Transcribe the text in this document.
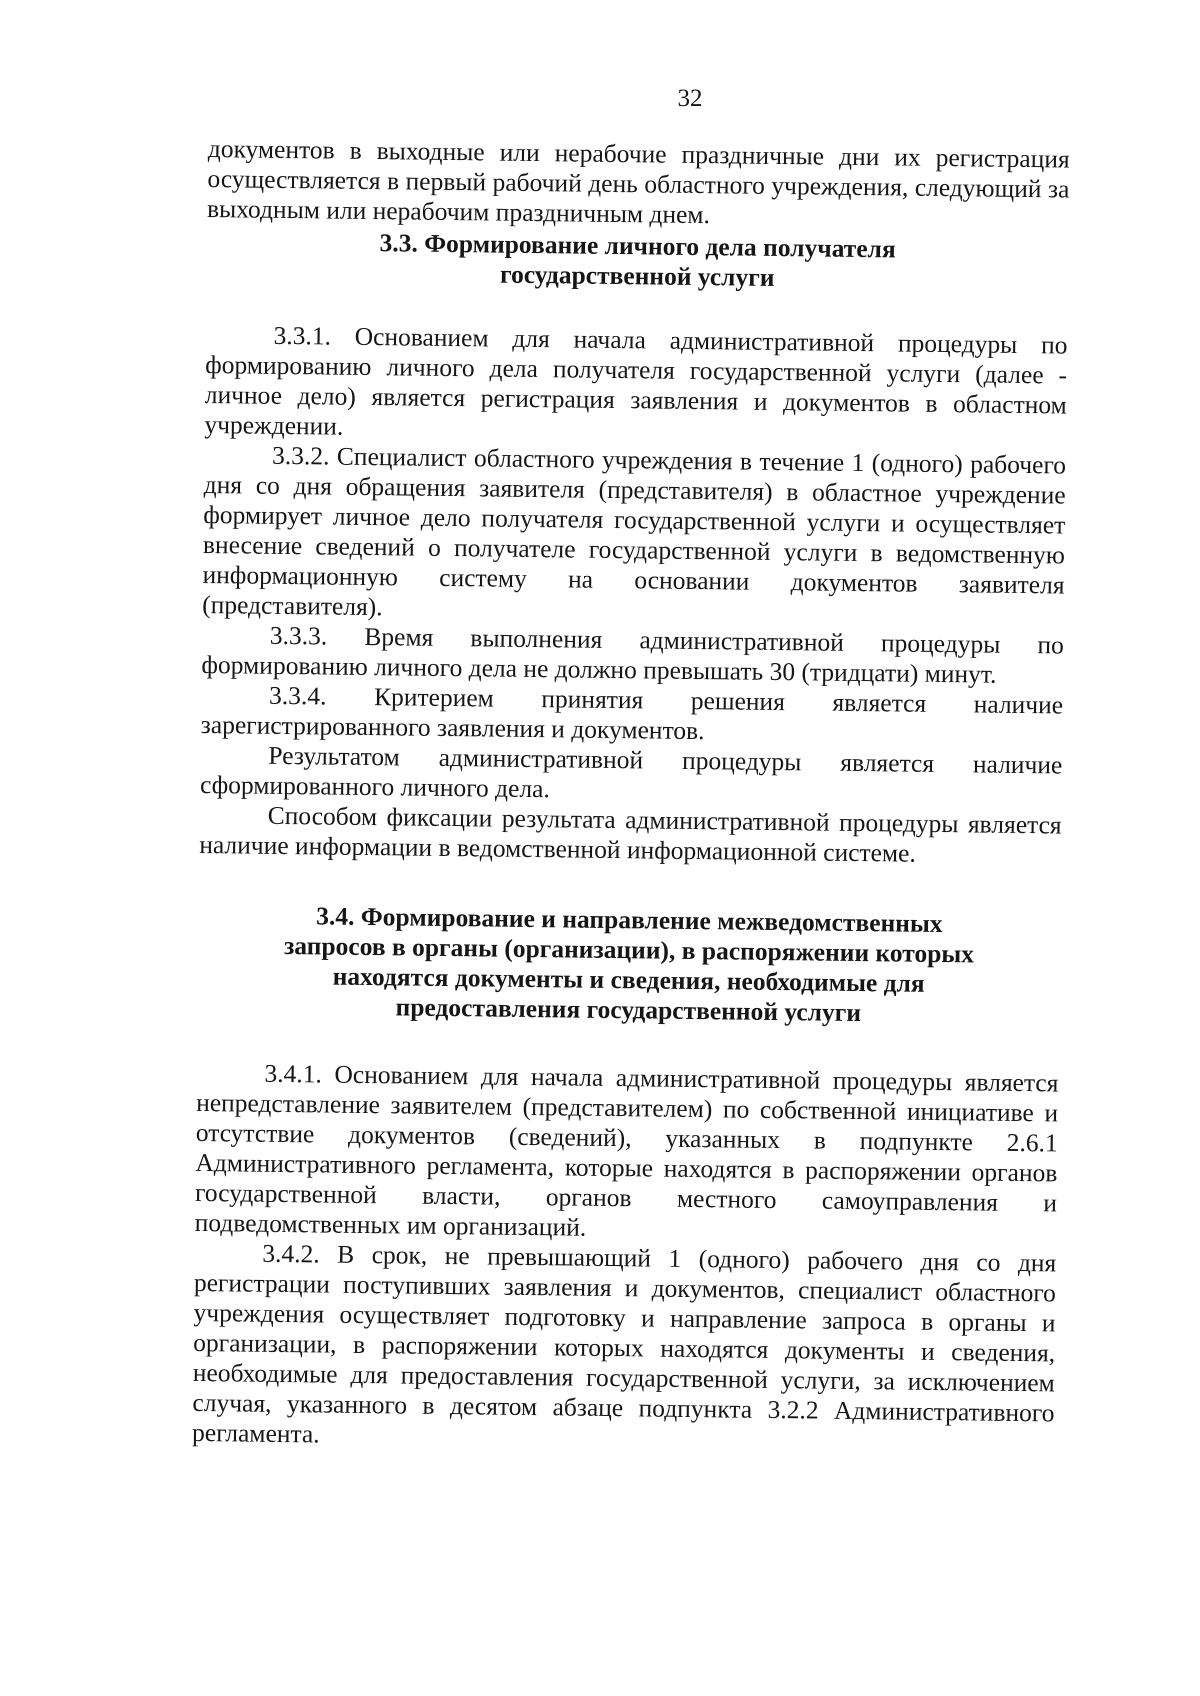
32

документов в выходные или нерабочие праздничные дни их регистрация осуществляется в первый рабочий день областного учреждения, следующий за выходным или нерабочим праздничным днем.

3.3. Формирование личного дела получателя государственной услуги

3.3.1. Основанием для начала административной процедуры по формированию личного дела получателя государственной услуги (далее - личное дело) является регистрация заявления и документов в областном учреждении.

3.3.2. Специалист областного учреждения в течение 1 (одного) рабочего дня со дня обращения заявителя (представителя) в областное учреждение формирует личное дело получателя государственной услуги и осуществляет внесение сведений о получателе государственной услуги в ведомственную информационную систему на основании документов заявителя (представителя).

3.3.3. Время выполнения административной процедуры по формированию личного дела не должно превышать 30 (тридцати) минут.

3.3.4. Критерием принятия решения является наличие зарегистрированного заявления и документов.

Результатом административной процедуры является наличие сформированного личного дела.

Способом фиксации результата административной процедуры является наличие информации в ведомственной информационной системе.

3.4. Формирование и направление межведомственных запросов в органы (организации), в распоряжении которых находятся документы и сведения, необходимые для предоставления государственной услуги

3.4.1. Основанием для начала административной процедуры является непредставление заявителем (представителем) по собственной инициативе и отсутствие документов (сведений), указанных в подпункте 2.6.1 Административного регламента, которые находятся в распоряжении органов государственной власти, органов местного самоуправления и подведомственных им организаций.

3.4.2. В срок, не превышающий 1 (одного) рабочего дня со дня регистрации поступивших заявления и документов, специалист областного учреждения осуществляет подготовку и направление запроса в органы и организации, в распоряжении которых находятся документы и сведения, необходимые для предоставления государственной услуги, за исключением случая, указанного в десятом абзаце подпункта 3.2.2 Административного регламента.
